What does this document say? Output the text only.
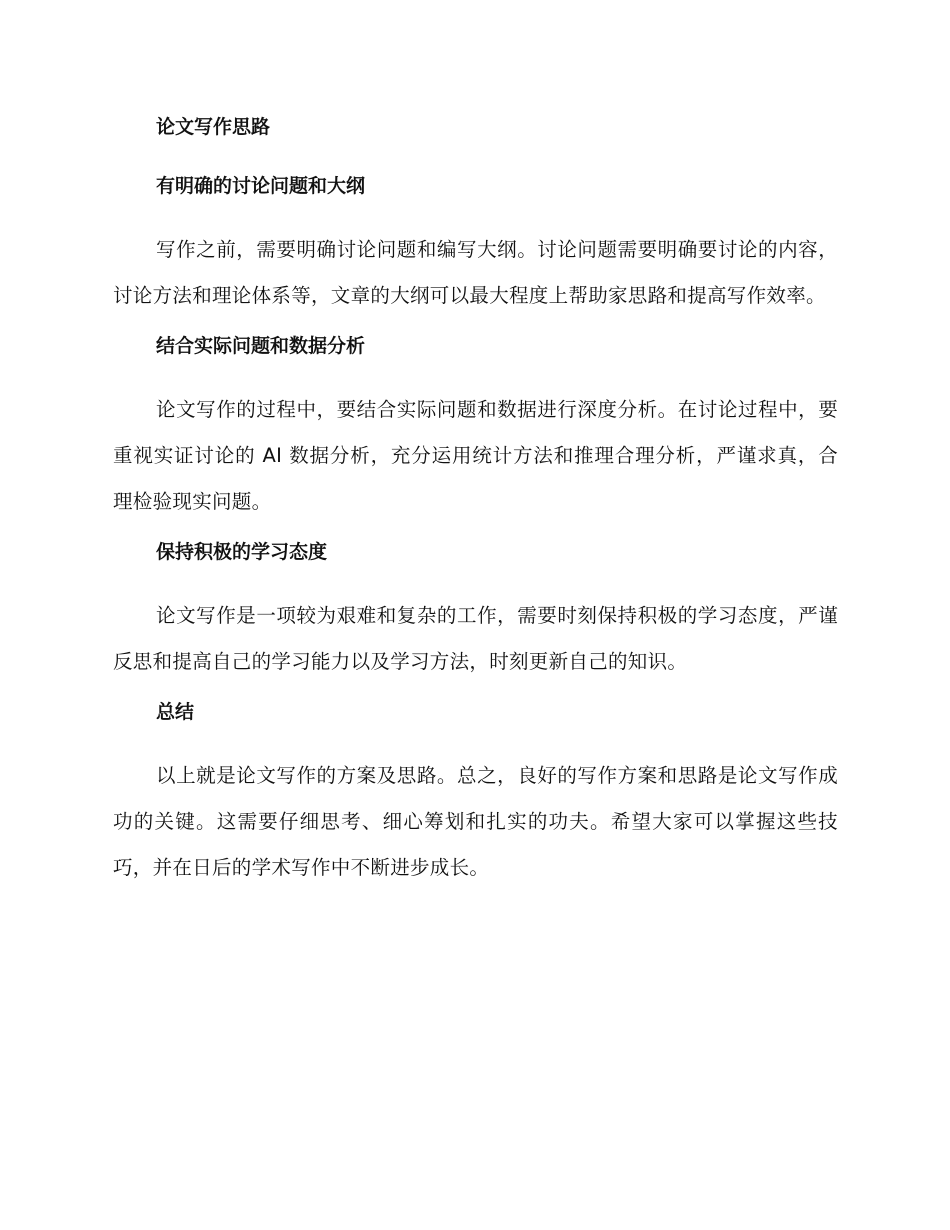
论文写作思路
有明确的讨论问题和大纲

写作之前，需要明确讨论问题和编写大纲。讨论问题需要明确要讨论的内容， 讨论方法和理论体系等，文章的大纲可以最大程度上帮助家思路和提高写作效率。

结合实际问题和数据分析

论文写作的过程中，要结合实际问题和数据进行深度分析。在讨论过程中，要重视实证讨论的 AI 数据分析，充分运用统计方法和推理合理分析，严谨求真，合理检验现实问题。

保持积极的学习态度

论文写作是一项较为艰难和复杂的工作，需要时刻保持积极的学习态度，严谨反思和提高自己的学习能力以及学习方法，时刻更新自己的知识。

总结

以上就是论文写作的方案及思路。总之，良好的写作方案和思路是论文写作成功的关键。这需要仔细思考、细心筹划和扎实的功夫。希望大家可以掌握这些技巧，并在日后的学术写作中不断进步成长。
